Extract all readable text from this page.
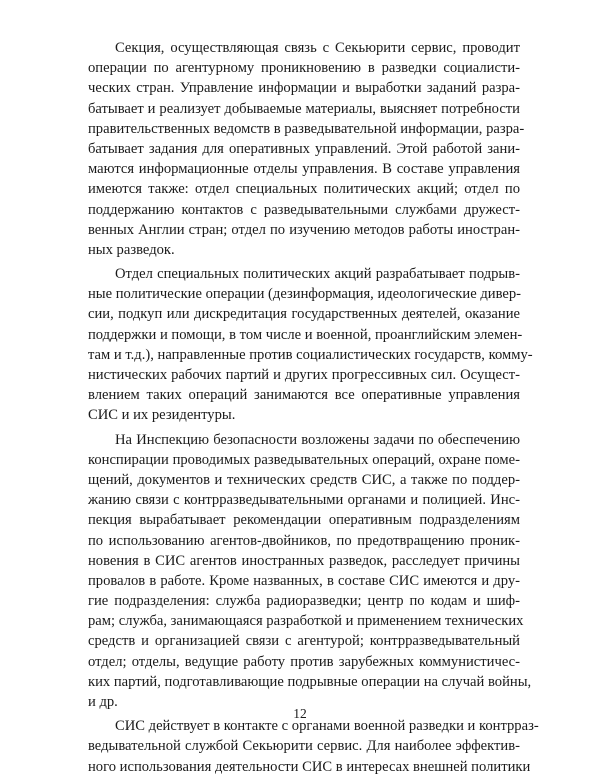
Секция, осуществляющая связь с Секьюрити сервис, проводит
операции по агентурному проникновению в разведки социалисти-
ческих стран. Управление информации и выработки заданий разра-
батывает и реализует добываемые материалы, выясняет потребности
правительственных ведомств в разведывательной информации, разра-
батывает задания для оперативных управлений. Этой работой зани-
маются информационные отделы управления. В составе управления
имеются также: отдел специальных политических акций; отдел по
поддержанию контактов с разведывательными службами дружест-
венных Англии стран; отдел по изучению методов работы иностран-
ных разведок.
Отдел специальных политических акций разрабатывает подрыв-
ные политические операции (дезинформация, идеологические дивер-
сии, подкуп или дискредитация государственных деятелей, оказание
поддержки и помощи, в том числе и военной, проанглийским элемен-
там и т.д.), направленные против социалистических государств, комму-
нистических рабочих партий и других прогрессивных сил. Осущест-
влением таких операций занимаются все оперативные управления
СИС и их резидентуры.
На Инспекцию безопасности возложены задачи по обеспечению
конспирации проводимых разведывательных операций, охране поме-
щений, документов и технических средств СИС, а также по поддер-
жанию связи с контрразведывательными органами и полицией. Инс-
пекция вырабатывает рекомендации оперативным подразделениям
по использованию агентов-двойников, по предотвращению проник-
новения в СИС агентов иностранных разведок, расследует причины
провалов в работе. Кроме названных, в составе СИС имеются и дру-
гие подразделения: служба радиоразведки; центр по кодам и шиф-
рам; служба, занимающаяся разработкой и применением технических
средств и организацией связи с агентурой; контрразведывательный
отдел; отделы, ведущие работу против зарубежных коммунистичес-
ких партий, подготавливающие подрывные операции на случай войны,
и др.
СИС действует в контакте с органами военной разведки и контрраз-
ведывательной службой Секьюрити сервис. Для наиболее эффектив-
ного использования деятельности СИС в интересах внешней политики
12
